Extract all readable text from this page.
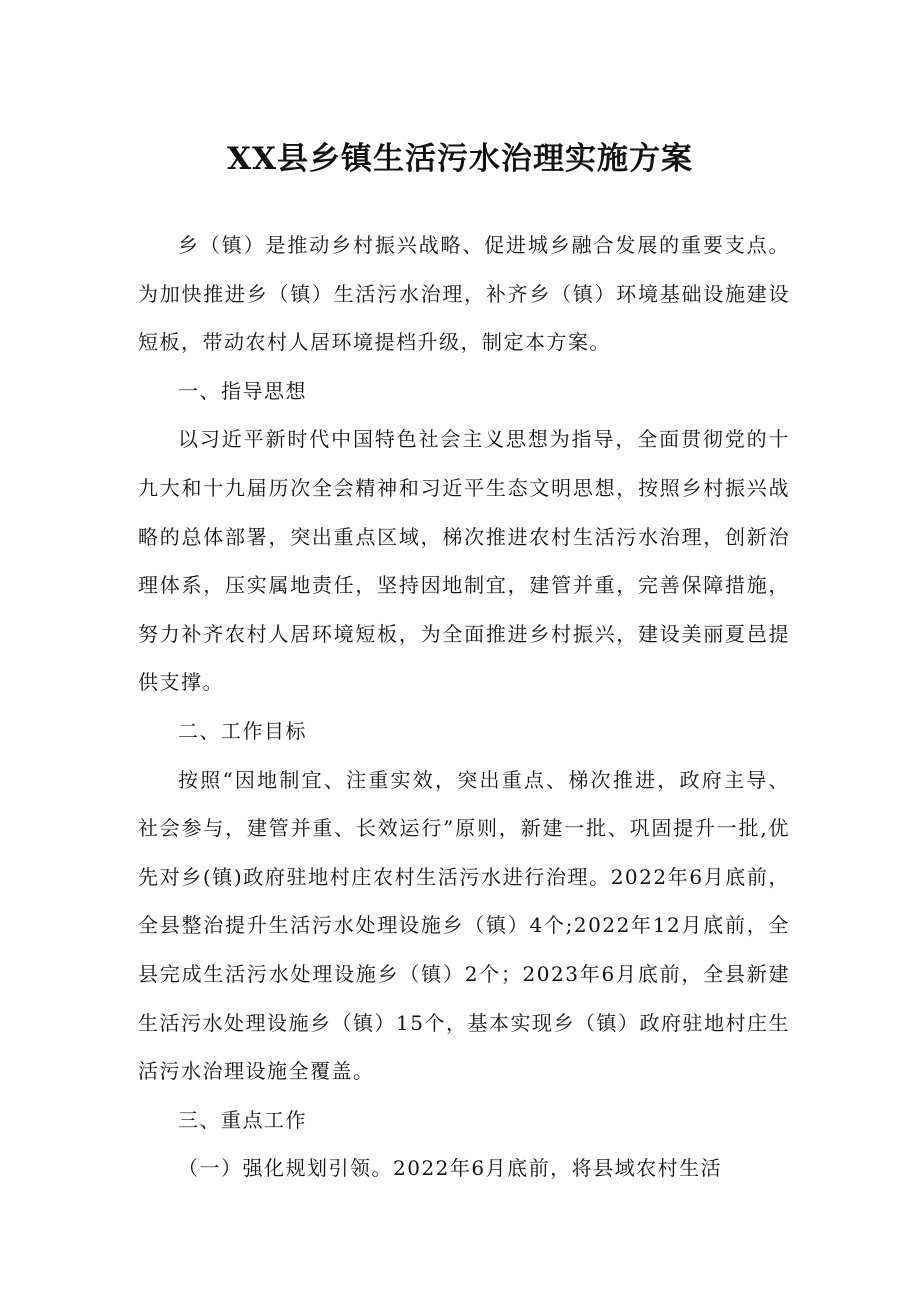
XX县乡镇生活污水治理实施方案

乡（镇）是推动乡村振兴战略、促进城乡融合发展的重要支点。为加快推进乡（镇）生活污水治理，补齐乡（镇）环境基础设施建设短板，带动农村人居环境提档升级，制定本方案。

一、指导思想

以习近平新时代中国特色社会主义思想为指导，全面贯彻党的十九大和十九届历次全会精神和习近平生态文明思想，按照乡村振兴战略的总体部署，突出重点区域，梯次推进农村生活污水治理，创新治理体系，压实属地责任，坚持因地制宜，建管并重，完善保障措施，努力补齐农村人居环境短板，为全面推进乡村振兴，建设美丽夏邑提供支撑。

二、工作目标

按照“因地制宜、注重实效，突出重点、梯次推进，政府主导、社会参与，建管并重、长效运行”原则，新建一批、巩固提升一批,优先对乡(镇)政府驻地村庄农村生活污水进行治理。2022年6月底前，全县整治提升生活污水处理设施乡（镇）4个;2022年12月底前，全县完成生活污水处理设施乡（镇）2个；2023年6月底前，全县新建生活污水处理设施乡（镇）15个，基本实现乡（镇）政府驻地村庄生活污水治理设施全覆盖。

三、重点工作

（一）强化规划引领。2022年6月底前，将县域农村生活
